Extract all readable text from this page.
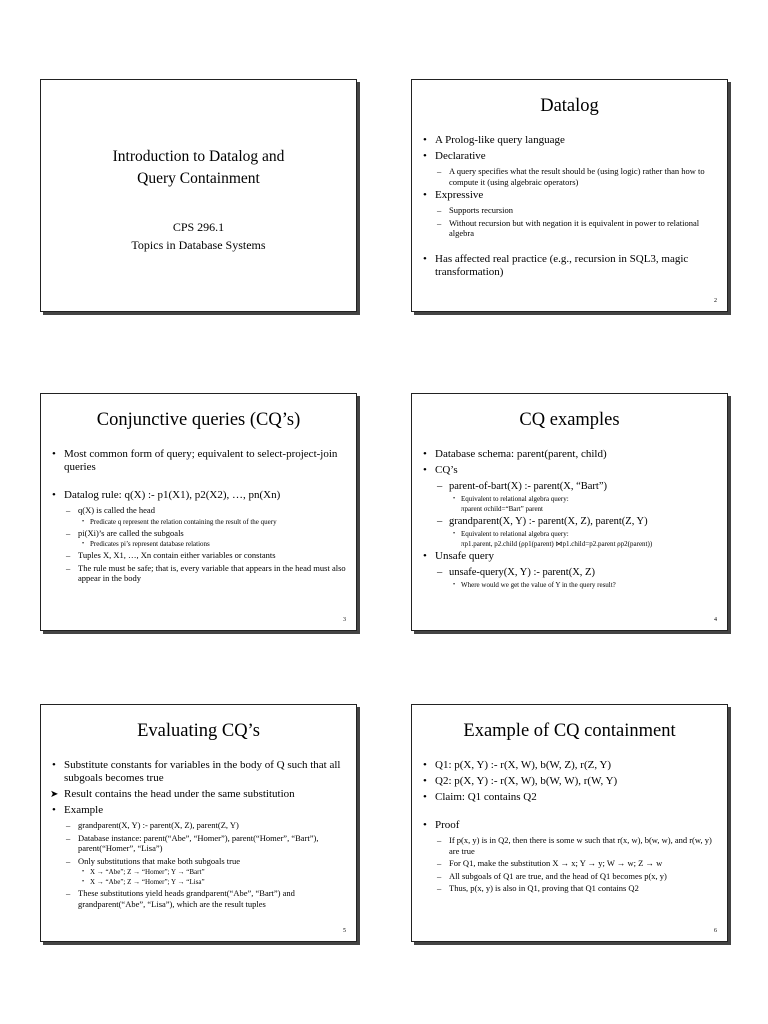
Introduction to Datalog and
Query Containment
CPS 296.1
Topics in Database Systems

Datalog

• A Prolog-like query language

• Declarative

– A query specifies what the result should be (using logic) rather than how to compute it (using algebraic operators)

• Expressive

– Supports recursion

– Without recursion but with negation it is equivalent in power to relational algebra

• Has affected real practice (e.g., recursion in SQL3, magic transformation)

2

Conjunctive queries (CQ’s)

• Most common form of query; equivalent to select-project-join queries

• Datalog rule: q(X) :- p1(X1), p2(X2), …, pn(Xn)

– q(X) is called the head

• Predicate q represent the relation containing the result of the query

– pi(Xi)’s are called the subgoals

• Predicates pi’s represent database relations

– Tuples X, X1, …, Xn contain either variables or constants

– The rule must be safe; that is, every variable that appears in the head must also appear in the body

3

CQ examples

• Database schema: parent(parent, child)

• CQ’s

– parent-of-bart(X) :- parent(X, “Bart”)

• Equivalent to relational algebra query:

πparent σchild=“Bart” parent

– grandparent(X, Y) :- parent(X, Z), parent(Z, Y)

• Equivalent to relational algebra query:

πp1.parent, p2.child (ρp1(parent) ⋈p1.child=p2.parent ρp2(parent))

• Unsafe query

– unsafe-query(X, Y) :- parent(X, Z)

• Where would we get the value of Y in the query result?

4

Evaluating CQ’s

• Substitute constants for variables in the body of Q such that all subgoals becomes true

➤ Result contains the head under the same substitution

• Example

– grandparent(X, Y) :- parent(X, Z), parent(Z, Y)

– Database instance: parent(“Abe”, “Homer”), parent(“Homer”, “Bart”), parent(“Homer”, “Lisa”)

– Only substitutions that make both subgoals true

• X → “Abe”; Z → “Homer”; Y → “Bart”

• X → “Abe”; Z → “Homer”; Y → “Lisa”

– These substitutions yield heads grandparent(“Abe”, “Bart”) and grandparent(“Abe”, “Lisa”), which are the result tuples

5

Example of CQ containment

• Q1: p(X, Y) :- r(X, W), b(W, Z), r(Z, Y)

• Q2: p(X, Y) :- r(X, W), b(W, W), r(W, Y)

• Claim: Q1 contains Q2

• Proof

– If p(x, y) is in Q2, then there is some w such that r(x, w), b(w, w), and r(w, y) are true

– For Q1, make the substitution X → x; Y → y; W → w; Z → w

– All subgoals of Q1 are true, and the head of Q1 becomes p(x, y)

– Thus, p(x, y) is also in Q1, proving that Q1 contains Q2

6
